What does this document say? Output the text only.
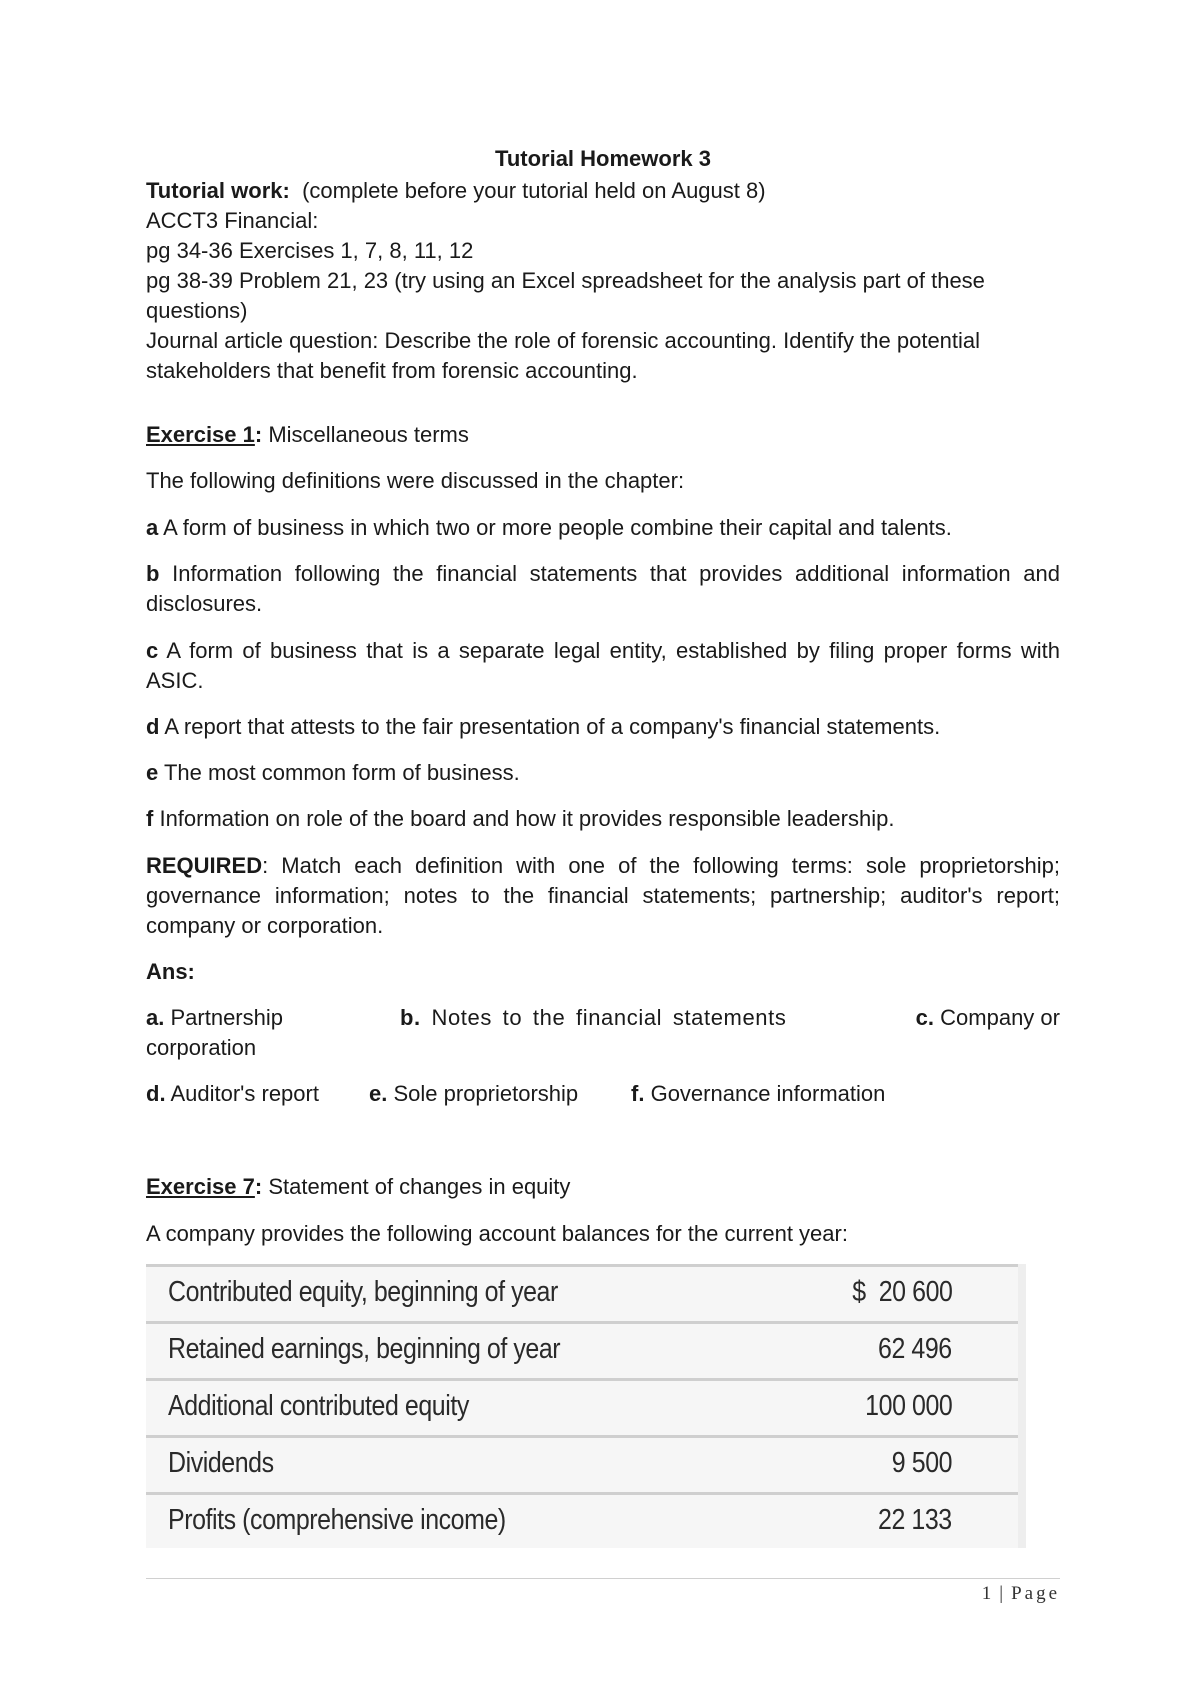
Tutorial Homework 3
Tutorial work: (complete before your tutorial held on August 8)
ACCT3 Financial:
pg 34-36 Exercises 1, 7, 8, 11, 12
pg 38-39 Problem 21, 23 (try using an Excel spreadsheet for the analysis part of these questions)
Journal article question: Describe the role of forensic accounting. Identify the potential stakeholders that benefit from forensic accounting.
Exercise 1: Miscellaneous terms
The following definitions were discussed in the chapter:
a A form of business in which two or more people combine their capital and talents.
b Information following the financial statements that provides additional information and disclosures.
c A form of business that is a separate legal entity, established by filing proper forms with ASIC.
d A report that attests to the fair presentation of a company's financial statements.
e The most common form of business.
f Information on role of the board and how it provides responsible leadership.
REQUIRED: Match each definition with one of the following terms: sole proprietorship; governance information; notes to the financial statements; partnership; auditor's report; company or corporation.
Ans:
a. Partnership	b. Notes to the financial statements	c. Company or
corporation
d. Auditor's report e. Sole proprietorship f. Governance information
Exercise 7: Statement of changes in equity
A company provides the following account balances for the current year:
Contributed equity, beginning of year	$  20 600
Retained earnings, beginning of year	62 496
Additional contributed equity	100 000
Dividends	9 500
Profits (comprehensive income)	22 133
1 | Page
